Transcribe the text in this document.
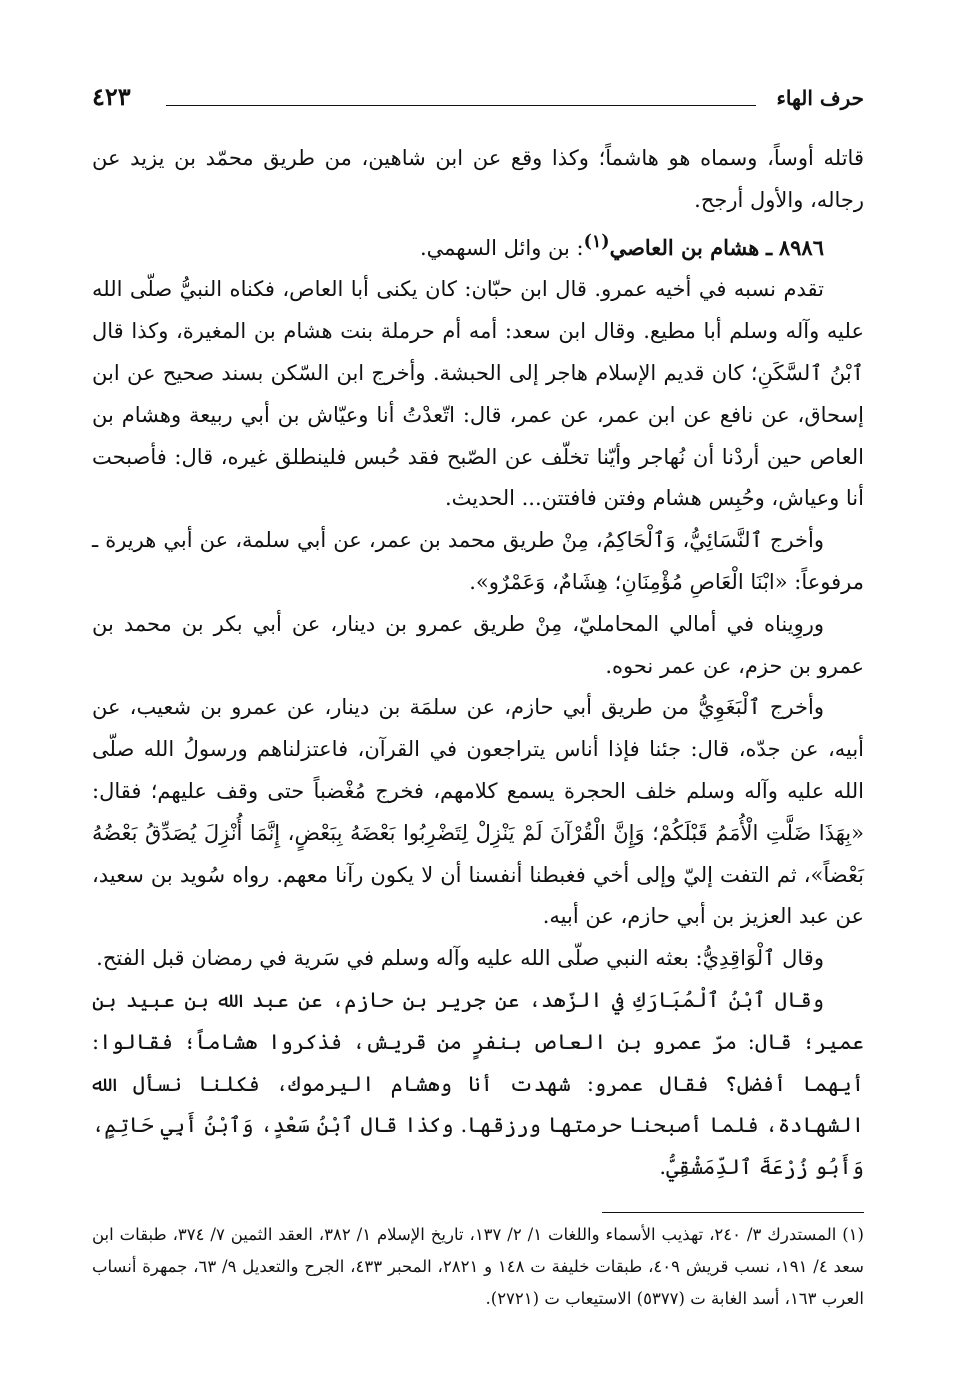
حرف الهاء
٤٢٣

قاتله أوساً، وسماه هو هاشماً؛ وكذا وقع عن ابن شاهين، من طريق محمّد بن يزيد عن رجاله، والأول أرجح.

٨٩٨٦ ـ هشام بن العاصي$^{(١)}$: بن وائل السهمي.

تقدم نسبه في أخيه عمرو. قال ابن حبّان: كان يكنى أبا العاص، فكناه النبيُّ صلّى الله عليه وآله وسلم أبا مطيع. وقال ابن سعد: أمه أم حرملة بنت هشام بن المغيرة، وكذا قال ٱبْنُ ٱلسَّكَنِ؛ كان قديم الإسلام هاجر إلى الحبشة. وأخرج ابن السّكن بسند صحيح عن ابن إسحاق، عن نافع عن ابن عمر، عن عمر، قال: اتّعدْتُ أنا وعيّاش بن أبي ربيعة وهشام بن العاص حين أردْنا أن نُهاجر وأيّنا تخلّف عن الصّبح فقد حُبس فلينطلق غيره، قال: فأصبحت أنا وعياش، وحُبِس هشام وفتن فافتتن... الحديث.

وأخرج ٱلنَّسَائِيُّ، وَٱلْحَاكِمُ، مِنْ طريق محمد بن عمر، عن أبي سلمة، عن أبي هريرة ـ مرفوعاً: «ابْنَا الْعَاصِ مُؤْمِنَانِ؛ هِشَامٌ، وَعَمْرٌو».

وروِيناه في أمالي المحامليّ، مِنْ طريق عمرو بن دينار، عن أبي بكر بن محمد بن عمرو بن حزم، عن عمر نحوه.

وأخرج ٱلْبَغَوِيُّ من طريق أبي حازم، عن سلمَة بن دينار، عن عمرو بن شعيب، عن أبيه، عن جدّه، قال: جئنا فإذا أناس يتراجعون في القرآن، فاعتزلناهم ورسولُ الله صلّى الله عليه وآله وسلم خلف الحجرة يسمع كلامهم، فخرج مُغْضباً حتى وقف عليهم؛ فقال: «بِهَذَا ضَلَّتِ الْأُمَمُ قَبْلَكُمْ؛ وَإِنَّ الْقُرْآنَ لَمْ يَنْزِلْ لِتَضْرِبُوا بَعْضَهُ بِبَعْضٍ، إِنَّمَا أُنْزِلَ يُصَدِّقُ بَعْضُهُ بَعْضاً»، ثم التفت إليّ وإلى أخي فغبطنا أنفسنا أن لا يكون رآنا معهم. رواه سُويد بن سعيد، عن عبد العزيز بن أبي حازم، عن أبيه.

وقال ٱلْوَاقِدِيُّ: بعثه النبي صلّى الله عليه وآله وسلم في سَرية في رمضان قبل الفتح.

وقال ٱبْنُ ٱلْمُبَارَكِ في الزّهد، عن جرير بن حازم، عن عبد الله بن عبيد بن عمير؛ قال: مرّ عمرو بن العاص بنفرٍ من قريش، فذكروا هشاماً؛ فقالوا: أيهما أفضل؟ فقال عمرو: شهدت أنا وهشام اليرموك، فكلنا نسأل الله الشهادة، فلما أصبحنا حرمتها ورزقها. وكذا قال ٱبْنُ سَعْدٍ، وَٱبْنُ أَبِي حَاتِمٍ، وَأَبُو زُرْعَةَ ٱلدِّمَشْقِيُّ.

(١) المستدرك ٣/ ٢٤٠، تهذيب الأسماء واللغات ١/ ٢/ ١٣٧، تاريخ الإسلام ١/ ٣٨٢، العقد الثمين ٧/ ٣٧٤، طبقات ابن سعد ٤/ ١٩١، نسب قريش ٤٠٩، طبقات خليفة ت ١٤٨ و ٢٨٢١، المحبر ٤٣٣، الجرح والتعديل ٩/ ٦٣، جمهرة أنساب العرب ١٦٣، أسد الغابة ت (٥٣٧٧) الاستيعاب ت (٢٧٢١).
